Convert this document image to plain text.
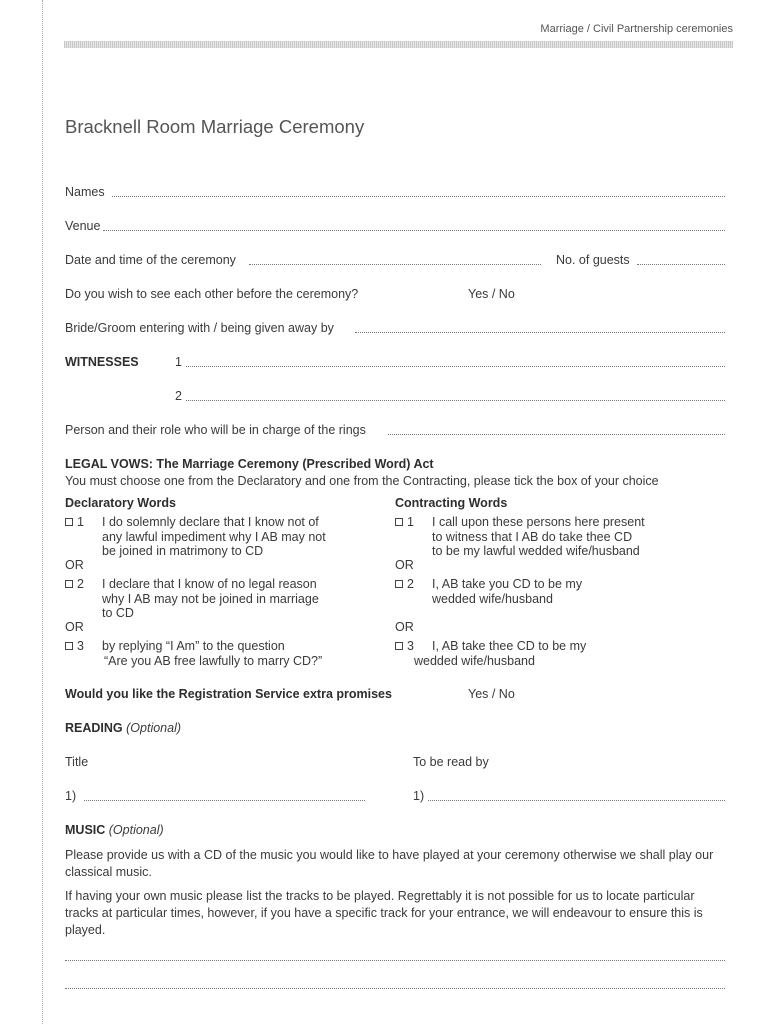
Marriage / Civil Partnership ceremonies
Bracknell Room Marriage Ceremony
Names
Venue
Date and time of the ceremony	No. of guests
Do you wish to see each other before the ceremony?	Yes / No
Bride/Groom entering with / being given away by
WITNESSES	1
2
Person and their role who will be in charge of the rings
LEGAL VOWS: The Marriage Ceremony (Prescribed Word) Act
You must choose one from the Declaratory and one from the Contracting, please tick the box of your choice
Declaratory Words	Contracting Words
1 I do solemnly declare that I know not of
any lawful impediment why I AB may not
be joined in matrimony to CD
OR
2 I declare that I know of no legal reason
why I AB may not be joined in marriage
to CD
OR
3 by replying “I Am” to the question
“Are you AB free lawfully to marry CD?”
1 I call upon these persons here present
to witness that I AB do take thee CD
to be my lawful wedded wife/husband
OR
2 I, AB take you CD to be my
wedded wife/husband
OR
3 I, AB take thee CD to be my
wedded wife/husband
Would you like the Registration Service extra promises	Yes / No
READING (Optional)
Title	To be read by
1)	1)
MUSIC (Optional)
Please provide us with a CD of the music you would like to have played at your ceremony otherwise we shall play our classical music.
If having your own music please list the tracks to be played. Regrettably it is not possible for us to locate particular tracks at particular times, however, if you have a specific track for your entrance, we will endeavour to ensure this is played.
